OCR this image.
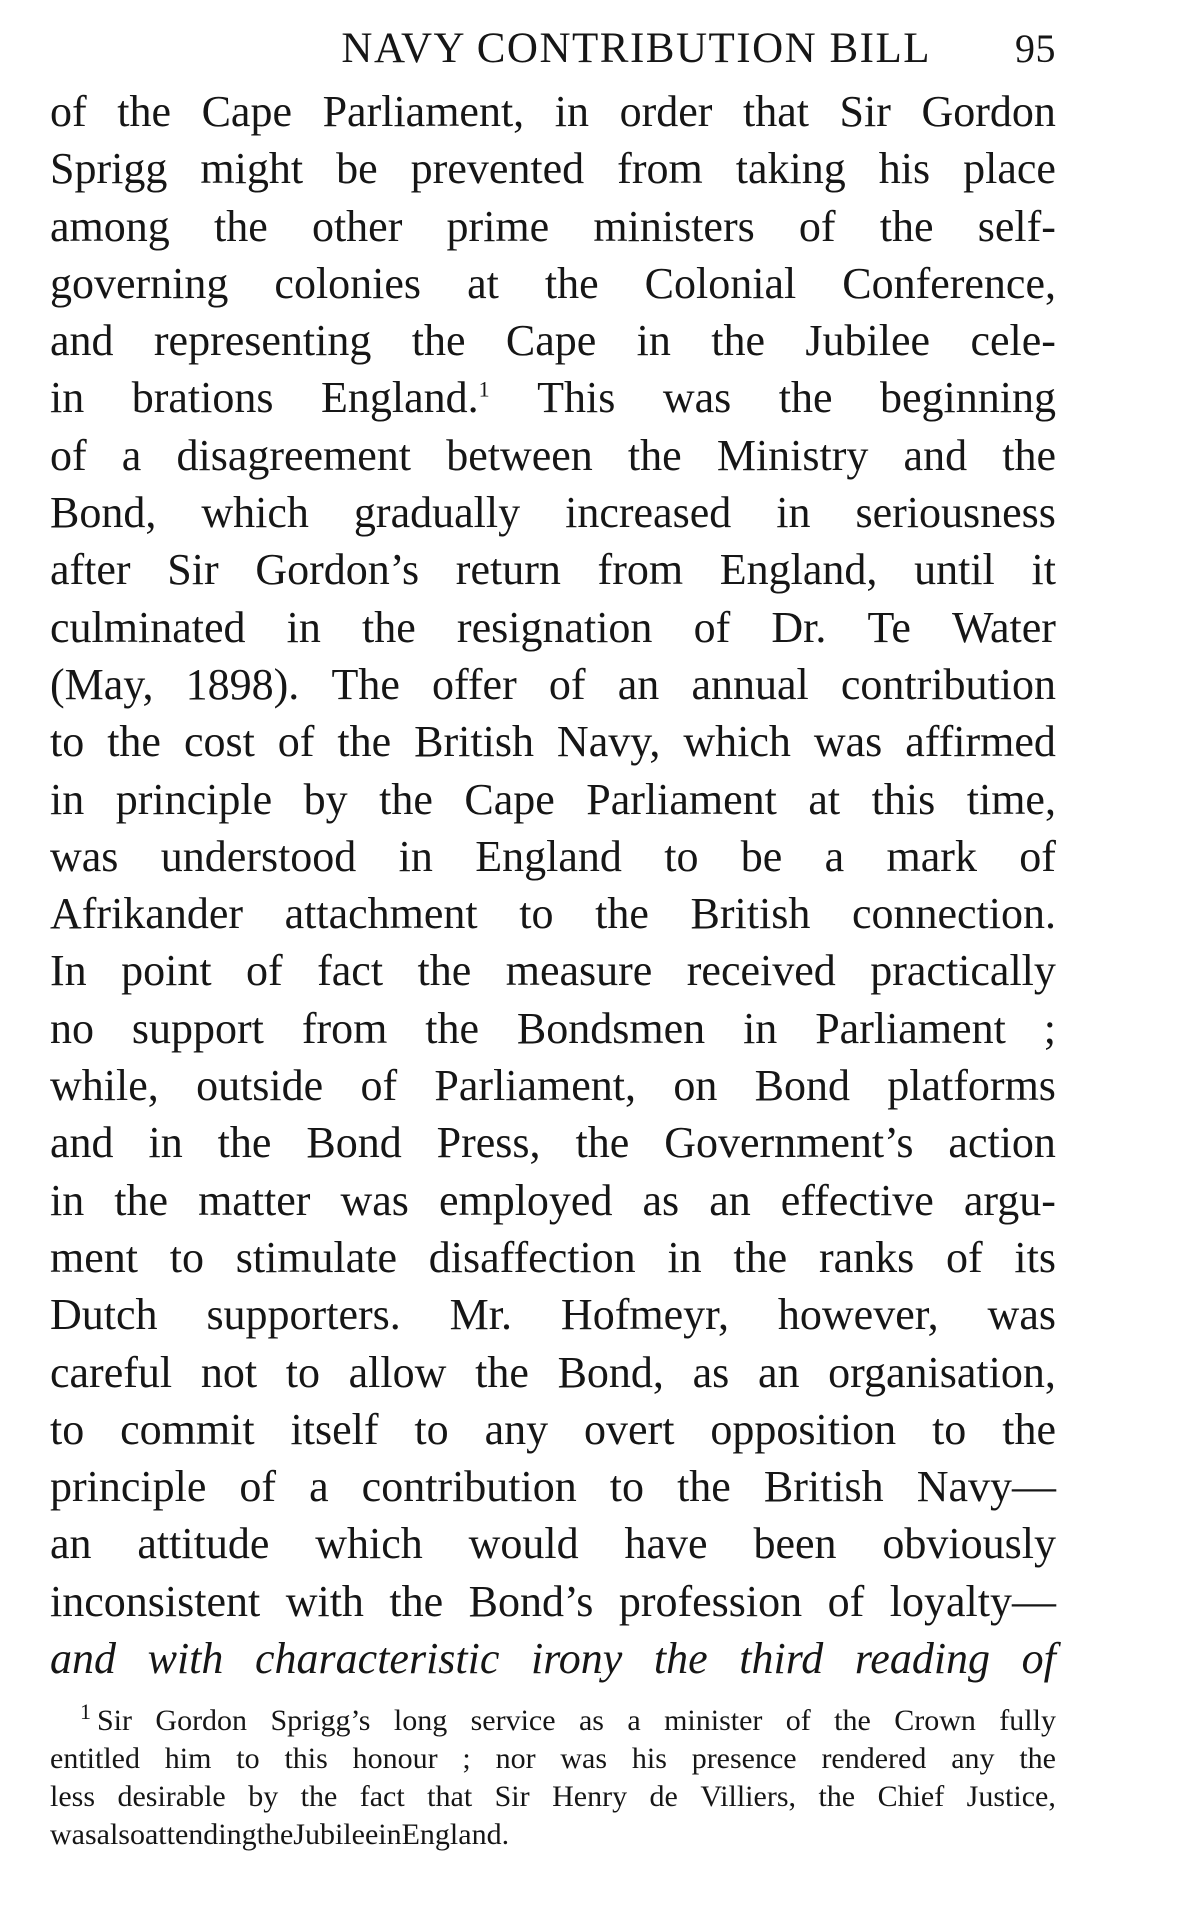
NAVY CONTRIBUTION BILL 95
of the Cape Parliament, in order that Sir Gordon
Sprigg might be prevented from taking his place
among the other prime ministers of the self-
governing colonies at the Colonial Conference,
and representing the Cape in the Jubilee cele-
in brations England.$^1$ This was the beginning
of a disagreement between the Ministry and the
Bond, which gradually increased in seriousness
after Sir Gordon’s return from England, until it
culminated in the resignation of Dr. Te Water
(May, 1898). The offer of an annual contribution
to the cost of the British Navy, which was affirmed
in principle by the Cape Parliament at this time,
was understood in England to be a mark of
Afrikander attachment to the British connection.
In point of fact the measure received practically
no support from the Bondsmen in Parliament ;
while, outside of Parliament, on Bond platforms
and in the Bond Press, the Government’s action
in the matter was employed as an effective argu-
ment to stimulate disaffection in the ranks of its
Dutch supporters. Mr. Hofmeyr, however, was
careful not to allow the Bond, as an organisation,
to commit itself to any overt opposition to the
principle of a contribution to the British Navy—
an attitude which would have been obviously
inconsistent with the Bond’s profession of loyalty—
and with characteristic irony the third reading of
$^1$ Sir Gordon Sprigg’s long service as a minister of the Crown fully
entitled him to this honour ; nor was his presence rendered any the
less desirable by the fact that Sir Henry de Villiers, the Chief Justice,
was also attending the Jubilee in England.
